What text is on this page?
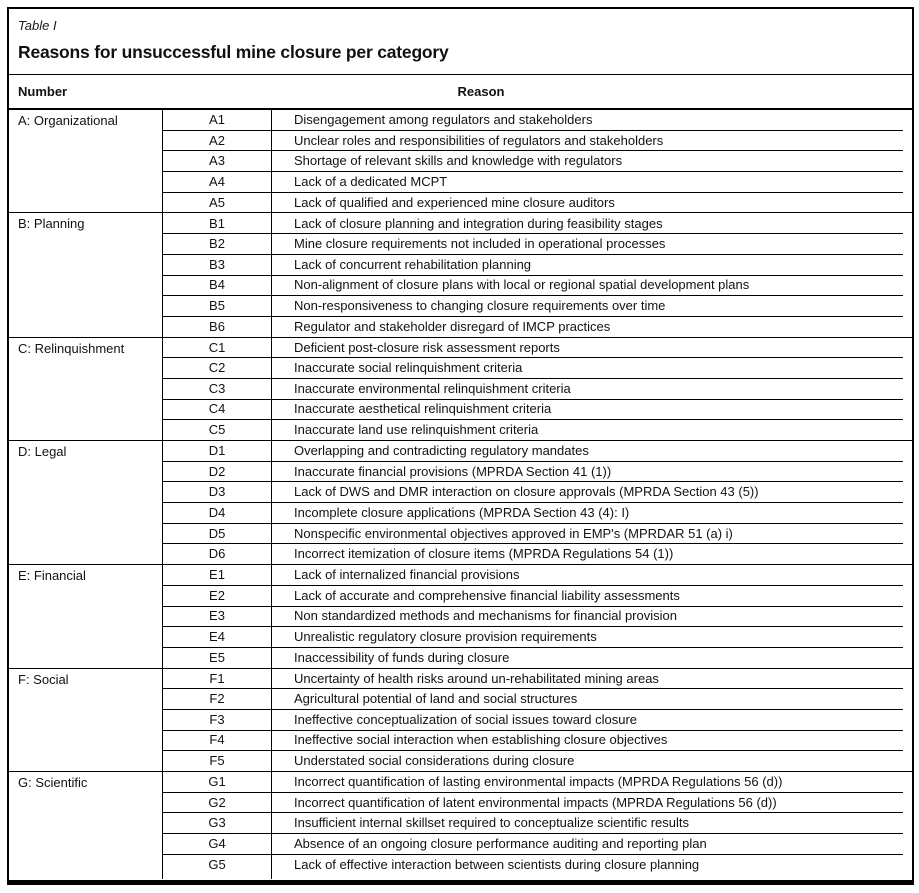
Table I
Reasons for unsuccessful mine closure per category
Number		Reason
A: Organizational	A1	Disengagement among regulators and stakeholders
	A2	Unclear roles and responsibilities of regulators and stakeholders
	A3	Shortage of relevant skills and knowledge with regulators
	A4	Lack of a dedicated MCPT
	A5	Lack of qualified and experienced mine closure auditors
B: Planning	B1	Lack of closure planning and integration during feasibility stages
	B2	Mine closure requirements not included in operational processes
	B3	Lack of concurrent rehabilitation planning
	B4	Non-alignment of closure plans with local or regional spatial development plans
	B5	Non-responsiveness to changing closure requirements over time
	B6	Regulator and stakeholder disregard of IMCP practices
C: Relinquishment	C1	Deficient post-closure risk assessment reports
	C2	Inaccurate social relinquishment criteria
	C3	Inaccurate environmental relinquishment criteria
	C4	Inaccurate aesthetical relinquishment criteria
	C5	Inaccurate land use relinquishment criteria
D: Legal	D1	Overlapping and contradicting regulatory mandates
	D2	Inaccurate financial provisions (MPRDA Section 41 (1))
	D3	Lack of DWS and DMR interaction on closure approvals (MPRDA Section 43 (5))
	D4	Incomplete closure applications (MPRDA Section 43 (4): I)
	D5	Nonspecific environmental objectives approved in EMP's (MPRDAR 51 (a) i)
	D6	Incorrect itemization of closure items (MPRDA Regulations 54 (1))
E: Financial	E1	Lack of internalized financial provisions
	E2	Lack of accurate and comprehensive financial liability assessments
	E3	Non standardized methods and mechanisms for financial provision
	E4	Unrealistic regulatory closure provision requirements
	E5	Inaccessibility of funds during closure
F: Social	F1	Uncertainty of health risks around un-rehabilitated mining areas
	F2	Agricultural potential of land and social structures
	F3	Ineffective conceptualization of social issues toward closure
	F4	Ineffective social interaction when establishing closure objectives
	F5	Understated social considerations during closure
G: Scientific	G1	Incorrect quantification of lasting environmental impacts (MPRDA Regulations 56 (d))
	G2	Incorrect quantification of latent environmental impacts (MPRDA Regulations 56 (d))
	G3	Insufficient internal skillset required to conceptualize scientific results
	G4	Absence of an ongoing closure performance auditing and reporting plan
	G5	Lack of effective interaction between scientists during closure planning
